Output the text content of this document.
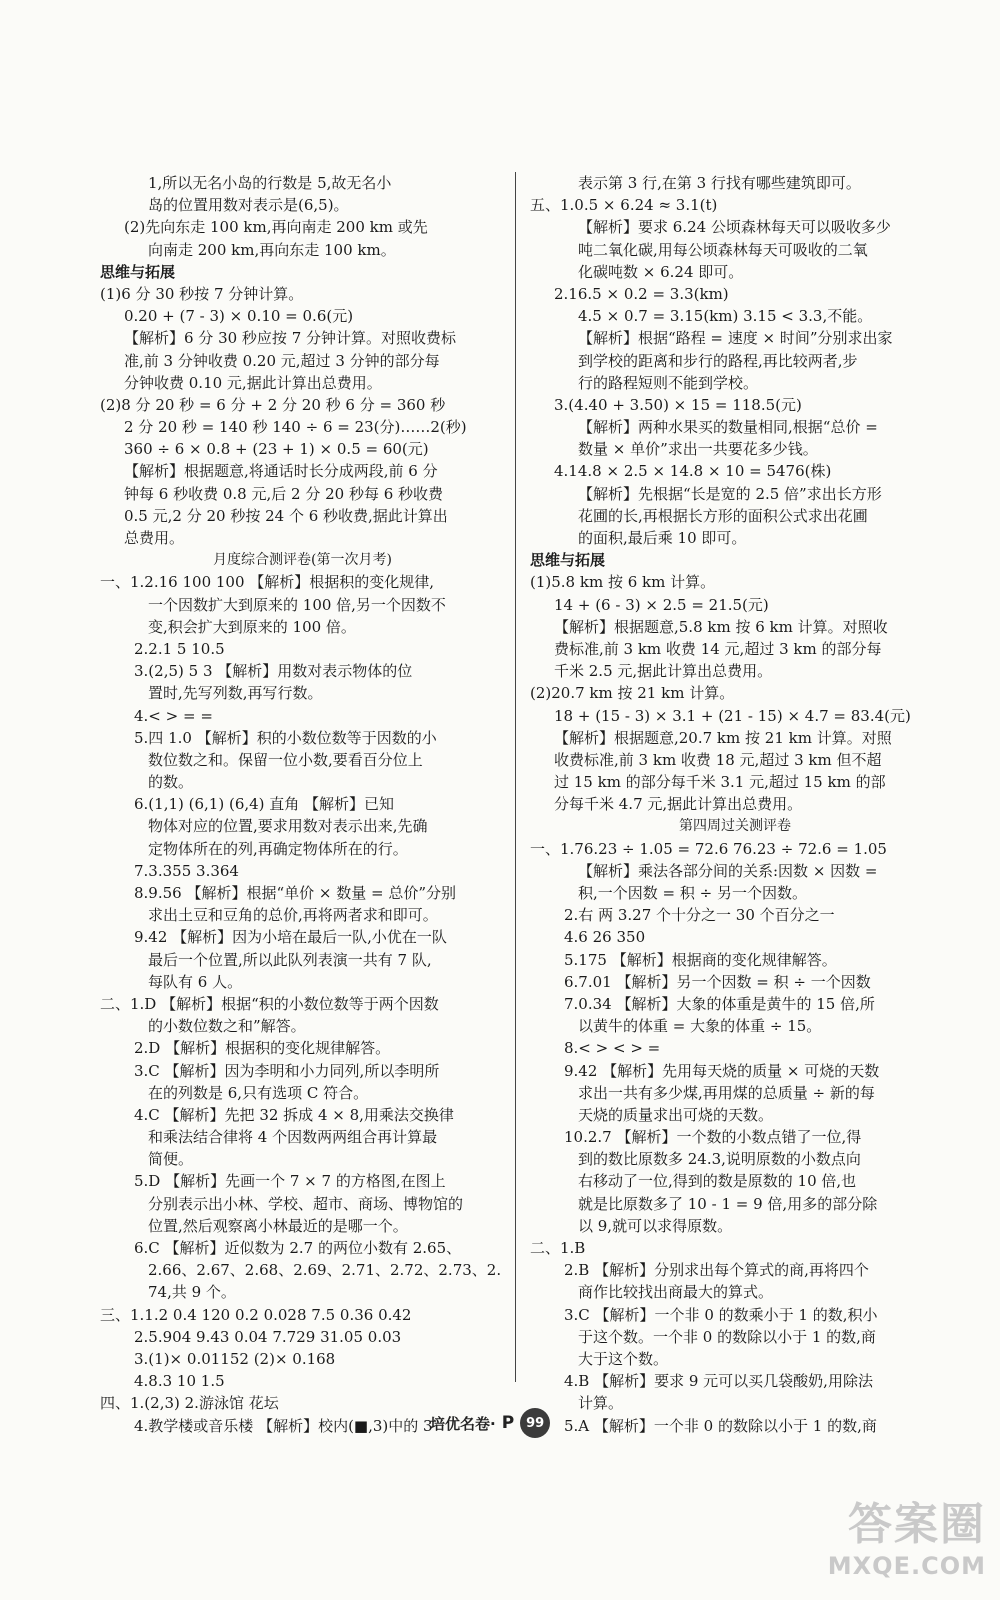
1,所以无名小岛的行数是 5,故无名小
岛的位置用数对表示是(6,5)。
(2)先向东走 100 km,再向南走 200 km 或先
向南走 200 km,再向东走 100 km。
思维与拓展
(1)6 分 30 秒按 7 分钟计算。
0.20 + (7 - 3) × 0.10 = 0.6(元)
【解析】6 分 30 秒应按 7 分钟计算。对照收费标
准,前 3 分钟收费 0.20 元,超过 3 分钟的部分每
分钟收费 0.10 元,据此计算出总费用。
(2)8 分 20 秒 = 6 分 + 2 分 20 秒 6 分 = 360 秒
2 分 20 秒 = 140 秒 140 ÷ 6 = 23(分)……2(秒)
360 ÷ 6 × 0.8 + (23 + 1) × 0.5 = 60(元)
【解析】根据题意,将通话时长分成两段,前 6 分
钟每 6 秒收费 0.8 元,后 2 分 20 秒每 6 秒收费
0.5 元,2 分 20 秒按 24 个 6 秒收费,据此计算出
总费用。
月度综合测评卷(第一次月考)
一、1.2.16 100 100 【解析】根据积的变化规律,
一个因数扩大到原来的 100 倍,另一个因数不
变,积会扩大到原来的 100 倍。
2.2.1 5 10.5
3.(2,5) 5 3 【解析】用数对表示物体的位
置时,先写列数,再写行数。
4.< > = =
5.四 1.0 【解析】积的小数位数等于因数的小
数位数之和。保留一位小数,要看百分位上
的数。
6.(1,1) (6,1) (6,4) 直角 【解析】已知
物体对应的位置,要求用数对表示出来,先确
定物体所在的列,再确定物体所在的行。
7.3.355 3.364
8.9.56 【解析】根据“单价 × 数量 = 总价”分别
求出土豆和豆角的总价,再将两者求和即可。
9.42 【解析】因为小培在最后一队,小优在一队
最后一个位置,所以此队列表演一共有 7 队,
每队有 6 人。
二、1.D 【解析】根据“积的小数位数等于两个因数
的小数位数之和”解答。
2.D 【解析】根据积的变化规律解答。
3.C 【解析】因为李明和小力同列,所以李明所
在的列数是 6,只有选项 C 符合。
4.C 【解析】先把 32 拆成 4 × 8,用乘法交换律
和乘法结合律将 4 个因数两两组合再计算最
简便。
5.D 【解析】先画一个 7 × 7 的方格图,在图上
分别表示出小林、学校、超市、商场、博物馆的
位置,然后观察离小林最近的是哪一个。
6.C 【解析】近似数为 2.7 的两位小数有 2.65、
2.66、2.67、2.68、2.69、2.71、2.72、2.73、2.
74,共 9 个。
三、1.1.2 0.4 120 0.2 0.028 7.5 0.36 0.42
2.5.904 9.43 0.04 7.729 31.05 0.03
3.(1)× 0.01152 (2)× 0.168
4.8.3 10 1.5
四、1.(2,3) 2.游泳馆 花坛
4.教学楼或音乐楼 【解析】校内(■,3)中的 3
表示第 3 行,在第 3 行找有哪些建筑即可。
五、1.0.5 × 6.24 ≈ 3.1(t)
【解析】要求 6.24 公顷森林每天可以吸收多少
吨二氧化碳,用每公顷森林每天可吸收的二氧
化碳吨数 × 6.24 即可。
2.16.5 × 0.2 = 3.3(km)
4.5 × 0.7 = 3.15(km) 3.15 < 3.3,不能。
【解析】根据“路程 = 速度 × 时间”分别求出家
到学校的距离和步行的路程,再比较两者,步
行的路程短则不能到学校。
3.(4.40 + 3.50) × 15 = 118.5(元)
【解析】两种水果买的数量相同,根据“总价 =
数量 × 单价”求出一共要花多少钱。
4.14.8 × 2.5 × 14.8 × 10 = 5476(株)
【解析】先根据“长是宽的 2.5 倍”求出长方形
花圃的长,再根据长方形的面积公式求出花圃
的面积,最后乘 10 即可。
思维与拓展
(1)5.8 km 按 6 km 计算。
14 + (6 - 3) × 2.5 = 21.5(元)
【解析】根据题意,5.8 km 按 6 km 计算。对照收
费标准,前 3 km 收费 14 元,超过 3 km 的部分每
千米 2.5 元,据此计算出总费用。
(2)20.7 km 按 21 km 计算。
18 + (15 - 3) × 3.1 + (21 - 15) × 4.7 = 83.4(元)
【解析】根据题意,20.7 km 按 21 km 计算。对照
收费标准,前 3 km 收费 18 元,超过 3 km 但不超
过 15 km 的部分每千米 3.1 元,超过 15 km 的部
分每千米 4.7 元,据此计算出总费用。
第四周过关测评卷
一、1.76.23 ÷ 1.05 = 72.6 76.23 ÷ 72.6 = 1.05
【解析】乘法各部分间的关系:因数 × 因数 =
积,一个因数 = 积 ÷ 另一个因数。
2.右 两 3.27 个十分之一 30 个百分之一
4.6 26 350
5.175 【解析】根据商的变化规律解答。
6.7.01 【解析】另一个因数 = 积 ÷ 一个因数
7.0.34 【解析】大象的体重是黄牛的 15 倍,所
以黄牛的体重 = 大象的体重 ÷ 15。
8.< > < > =
9.42 【解析】先用每天烧的质量 × 可烧的天数
求出一共有多少煤,再用煤的总质量 ÷ 新的每
天烧的质量求出可烧的天数。
10.2.7 【解析】一个数的小数点错了一位,得
到的数比原数多 24.3,说明原数的小数点向
右移动了一位,得到的数是原数的 10 倍,也
就是比原数多了 10 - 1 = 9 倍,用多的部分除
以 9,就可以求得原数。
二、1.B
2.B 【解析】分别求出每个算式的商,再将四个
商作比较找出商最大的算式。
3.C 【解析】一个非 0 的数乘小于 1 的数,积小
于这个数。一个非 0 的数除以小于 1 的数,商
大于这个数。
4.B 【解析】要求 9 元可以买几袋酸奶,用除法
计算。
5.A 【解析】一个非 0 的数除以小于 1 的数,商
培优名卷· P 99
答案圈
MXQE.COM
